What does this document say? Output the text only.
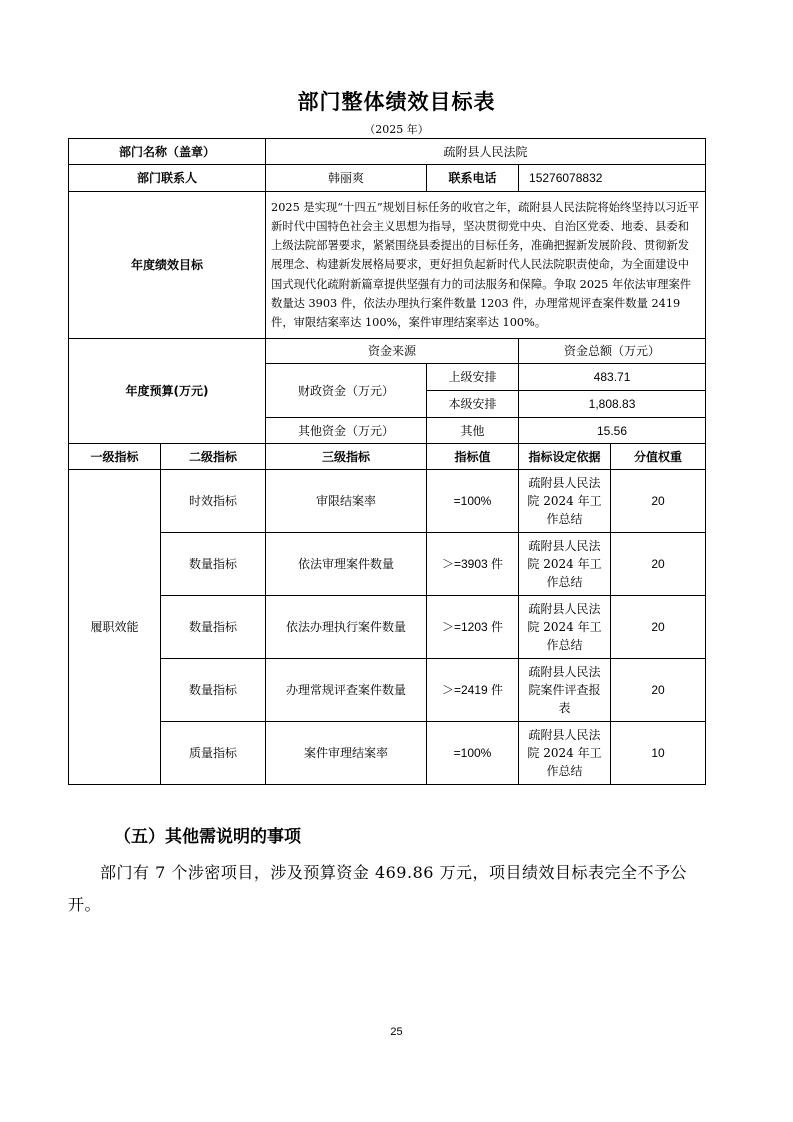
部门整体绩效目标表
（2025 年）
部门名称（盖章）		疏附县人民法院			
部门联系人		韩丽爽	联系电话	15276078832	
年度绩效目标		2025 是实现“十四五”规划目标任务的收官之年，疏附县人民法院将始终坚持以习近平新时代中国特色社会主义思想为指导，坚决贯彻党中央、自治区党委、地委、县委和上级法院部署要求，紧紧围绕县委提出的目标任务，准确把握新发展阶段、贯彻新发展理念、构建新发展格局要求，更好担负起新时代人民法院职责使命，为全面建设中国式现代化疏附新篇章提供坚强有力的司法服务和保障。争取 2025 年依法审理案件数量达 3903 件，依法办理执行案件数量 1203 件，办理常规评查案件数量 2419 件，审限结案率达 100%，案件审理结案率达 100%。			
年度预算(万元)		资金来源		资金总额（万元）	
		财政资金（万元）	上级安排	483.71	
			本级安排	1,808.83	
		其他资金（万元）	其他	15.56	
一级指标	二级指标	三级指标	指标值	指标设定依据	分值权重
履职效能	时效指标	审限结案率	=100%	疏附县人民法院 2024 年工作总结	20
	数量指标	依法审理案件数量	＞=3903 件	疏附县人民法院 2024 年工作总结	20
	数量指标	依法办理执行案件数量	＞=1203 件	疏附县人民法院 2024 年工作总结	20
	数量指标	办理常规评查案件数量	＞=2419 件	疏附县人民法院案件评查报表	20
	质量指标	案件审理结案率	=100%	疏附县人民法院 2024 年工作总结	10
（五）其他需说明的事项
部门有 7 个涉密项目，涉及预算资金 469.86 万元，项目绩效目标表完全不予公开。
25
